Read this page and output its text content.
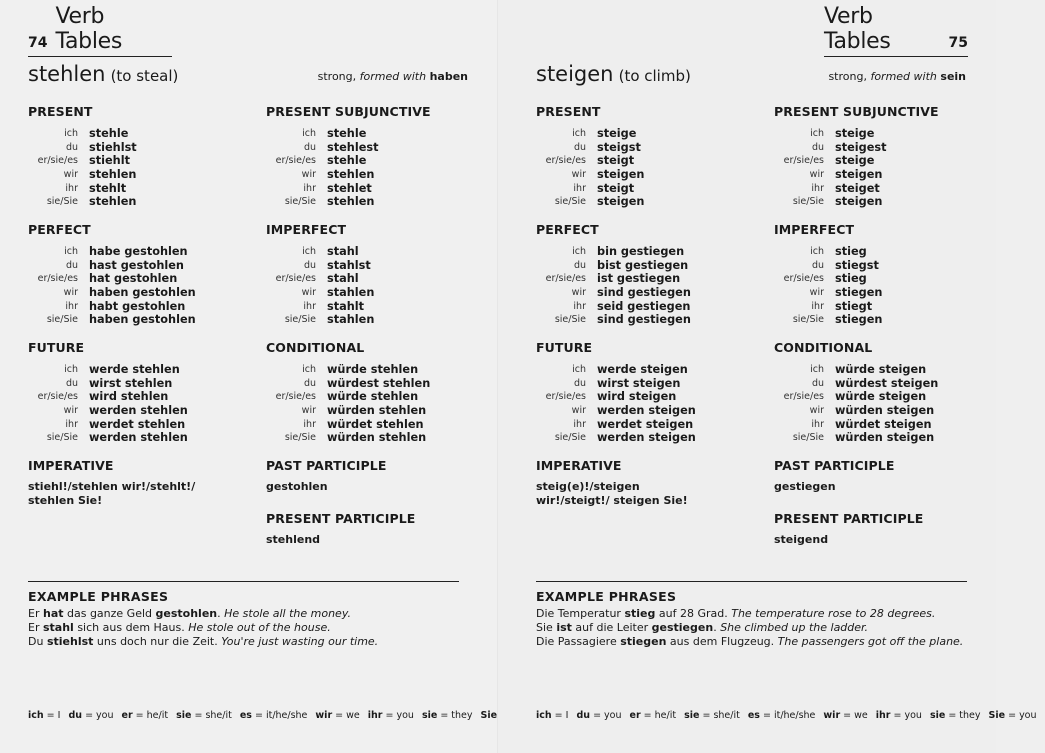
74
Verb Tables
stehlen (to steal)	strong, formed with haben
PRESENT
ich stehle
du stiehlst
er/sie/es stiehlt
wir stehlen
ihr stehlt
sie/Sie stehlen
PERFECT
ich habe gestohlen
du hast gestohlen
er/sie/es hat gestohlen
wir haben gestohlen
ihr habt gestohlen
sie/Sie haben gestohlen
FUTURE
ich werde stehlen
du wirst stehlen
er/sie/es wird stehlen
wir werden stehlen
ihr werdet stehlen
sie/Sie werden stehlen
IMPERATIVE
stiehl!/stehlen wir!/stehlt!/ stehlen Sie!
PRESENT SUBJUNCTIVE
ich stehle
du stehlest
er/sie/es stehle
wir stehlen
ihr stehlet
sie/Sie stehlen
IMPERFECT
ich stahl
du stahlst
er/sie/es stahl
wir stahlen
ihr stahlt
sie/Sie stahlen
CONDITIONAL
ich würde stehlen
du würdest stehlen
er/sie/es würde stehlen
wir würden stehlen
ihr würdet stehlen
sie/Sie würden stehlen
PAST PARTICIPLE
gestohlen
PRESENT PARTICIPLE
stehlend
EXAMPLE PHRASES
Er hat das ganze Geld gestohlen. He stole all the money.
Er stahl sich aus dem Haus. He stole out of the house.
Du stiehlst uns doch nur die Zeit. You're just wasting our time.
ich = I du = you er = he/it sie = she/it es = it/he/she wir = we ihr = you sie = they Sie
Verb Tables	75
steigen (to climb)	strong, formed with sein
PRESENT
ich steige
du steigst
er/sie/es steigt
wir steigen
ihr steigt
sie/Sie steigen
PERFECT
ich bin gestiegen
du bist gestiegen
er/sie/es ist gestiegen
wir sind gestiegen
ihr seid gestiegen
sie/Sie sind gestiegen
FUTURE
ich werde steigen
du wirst steigen
er/sie/es wird steigen
wir werden steigen
ihr werdet steigen
sie/Sie werden steigen
IMPERATIVE
steig(e)!/steigen wir!/steigt!/ steigen Sie!
PRESENT SUBJUNCTIVE
ich steige
du steigest
er/sie/es steige
wir steigen
ihr steiget
sie/Sie steigen
IMPERFECT
ich stieg
du stiegst
er/sie/es stieg
wir stiegen
ihr stiegt
sie/Sie stiegen
CONDITIONAL
ich würde steigen
du würdest steigen
er/sie/es würde steigen
wir würden steigen
ihr würdet steigen
sie/Sie würden steigen
PAST PARTICIPLE
gestiegen
PRESENT PARTICIPLE
steigend
EXAMPLE PHRASES
Die Temperatur stieg auf 28 Grad. The temperature rose to 28 degrees.
Sie ist auf die Leiter gestiegen. She climbed up the ladder.
Die Passagiere stiegen aus dem Flugzeug. The passengers got off the plane.
ich = I du = you er = he/it sie = she/it es = it/he/she wir = we ihr = you sie = they Sie = you
